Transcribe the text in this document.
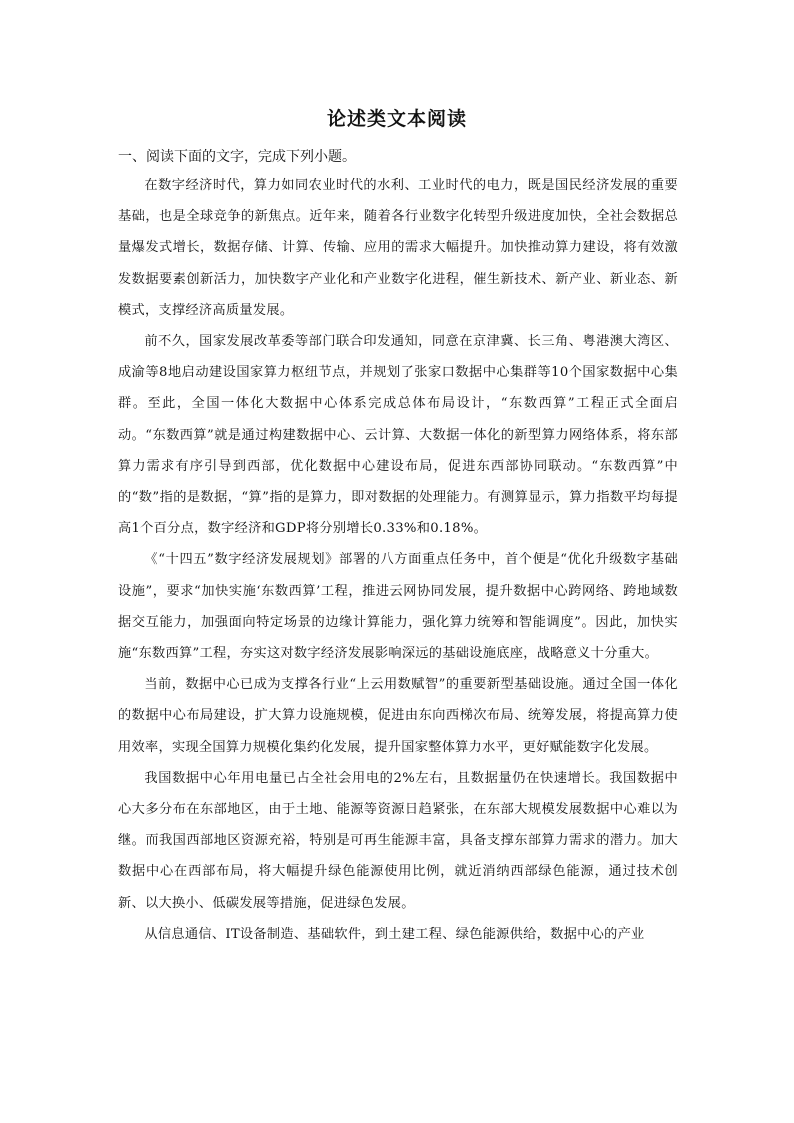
论述类文本阅读
一、阅读下面的文字，完成下列小题。

在数字经济时代，算力如同农业时代的水利、工业时代的电力，既是国民经济发展的重要基础，也是全球竞争的新焦点。近年来，随着各行业数字化转型升级进度加快，全社会数据总量爆发式增长，数据存储、计算、传输、应用的需求大幅提升。加快推动算力建设，将有效激发数据要素创新活力，加快数字产业化和产业数字化进程，催生新技术、新产业、新业态、新模式，支撑经济高质量发展。

前不久，国家发展改革委等部门联合印发通知，同意在京津冀、长三角、粤港澳大湾区、成渝等8地启动建设国家算力枢纽节点，并规划了张家口数据中心集群等10个国家数据中心集群。至此，全国一体化大数据中心体系完成总体布局设计，“东数西算”工程正式全面启动。“东数西算”就是通过构建数据中心、云计算、大数据一体化的新型算力网络体系，将东部算力需求有序引导到西部，优化数据中心建设布局，促进东西部协同联动。“东数西算”中的“数”指的是数据，“算”指的是算力，即对数据的处理能力。有测算显示，算力指数平均每提高1个百分点，数字经济和GDP将分别增长0.33%和0.18%。

《“十四五”数字经济发展规划》部署的八方面重点任务中，首个便是“优化升级数字基础设施”，要求“加快实施‘东数西算’工程，推进云网协同发展，提升数据中心跨网络、跨地域数据交互能力，加强面向特定场景的边缘计算能力，强化算力统筹和智能调度”。因此，加快实施“东数西算”工程，夯实这对数字经济发展影响深远的基础设施底座，战略意义十分重大。

当前，数据中心已成为支撑各行业“上云用数赋智”的重要新型基础设施。通过全国一体化的数据中心布局建设，扩大算力设施规模，促进由东向西梯次布局、统筹发展，将提高算力使用效率，实现全国算力规模化集约化发展，提升国家整体算力水平，更好赋能数字化发展。

我国数据中心年用电量已占全社会用电的2%左右，且数据量仍在快速增长。我国数据中心大多分布在东部地区，由于土地、能源等资源日趋紧张，在东部大规模发展数据中心难以为继。而我国西部地区资源充裕，特别是可再生能源丰富，具备支撑东部算力需求的潜力。加大数据中心在西部布局，将大幅提升绿色能源使用比例，就近消纳西部绿色能源，通过技术创新、以大换小、低碳发展等措施，促进绿色发展。

从信息通信、IT设备制造、基础软件，到土建工程、绿色能源供给，数据中心的产业
